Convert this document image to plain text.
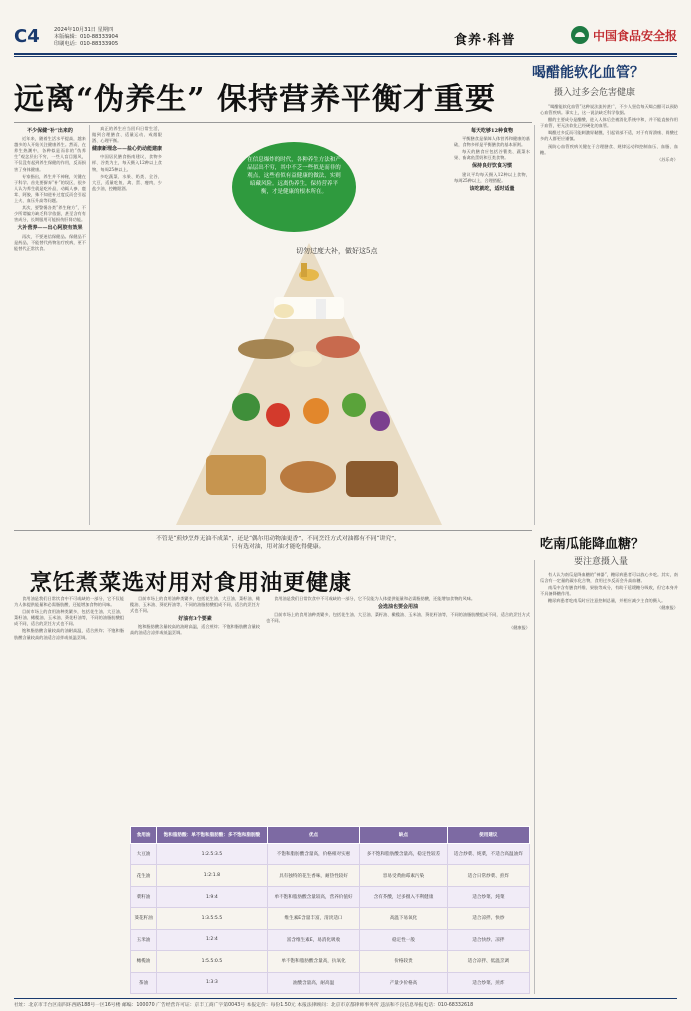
C4	2024年10月31日 星期四
本版编辑：010-88333904
印刷电话：010-88333905	食养·科普	中国食品安全报
远离“伪养生” 保持营养平衡才重要
喝醋能软化血管？
摄入过多会危害健康
不少保健“补”出来的

近年来，随着生活水平提高，越来越多的人开始关注健康养生。然而，在养生热潮中，各种似是而非的“伪养生”观念层出不穷，一些人盲目跟风，不仅没有起到养生保健的作用，反而损害了身体健康。

专家指出，养生并不神秘，关键在于科学。首先要摒弃“补”的误区，很多人认为养生就是吃补品，动辄人参、鹿茸、阿胶，殊不知进补过度反而会引起上火、血压升高等问题。

其次，要警惕各类“养生秘方”，不少所谓偏方缺乏科学依据，甚至含有有害成分，长期服用可能损伤肝肾功能。

大补营养——出心阿胶有效果

再次，不要迷信保健品。保健品不是药品，不能替代药物治疗疾病，更不能替代正常饮食。

真正的养生应当回归日常生活，做到合理膳食、适量运动、戒烟限酒、心理平衡。

健康新理念——盐心奶动能建康

中国居民膳食指南建议，食物多样、谷类为主，每天摄入12种以上食物，每周25种以上。

多吃蔬菜、水果、奶类、全谷、大豆，适量吃鱼、禽、蛋、瘦肉，少盐少油，控糖限酒。

在信息爆炸的时代，各种养生方法和产品层出不穷，其中不乏一些似是而非的观点，这些看似有益健康的做法，实则暗藏风险。远离伪养生，保持营养平衡，才是健康的根本所在。
切勿过度大补，做好这5点
每天吃够12种食物

平衡膳食是保障人体营养和健康的基础，食物多样是平衡膳食的基本原则。

每天的膳食应包括谷薯类、蔬菜水果、畜禽鱼蛋奶和豆类食物。

保持良好饮食习惯

建议平均每天摄入12种以上食物，每周25种以上，合理搭配。

该吃就吃，适时适量

“喝醋能软化血管”这种说法流传甚广，不少人坚信每天喝点醋可以预防心血管疾病。事实上，这一说法缺乏科学依据。

醋的主要成分是醋酸，进入人体后会被消化系统中和，并不能直接作用于血管，更无法软化已经硬化的血管。

喝醋过多反而可能刺激胃黏膜，引起胃部不适，对于有胃溃疡、胃酸过多的人群更应谨慎。

预防心血管疾病关键在于合理膳食、规律运动和控制血压、血脂、血糖。

（苏乐奇）

不管是“煎炒烹炸无油不成菜”，还是“偶尔用动物油更香”，不同烹饪方式对油都有不同“讲究”，
只有选对油，用对油才能吃得健康。
烹饪煮菜选对用对食用油更健康
吃南瓜能降血糖？
要注意摄入量

食用油是我们日常饮食中不可或缺的一部分，它不仅能为人体提供能量和必需脂肪酸，还能增加食物的风味。

目前市场上的食用油种类繁多，包括花生油、大豆油、菜籽油、橄榄油、玉米油、葵花籽油等，不同的油脂肪酸组成不同，适合的烹饪方式也不同。

饱和脂肪酸含量较高的油耐高温，适合煎炸；不饱和脂肪酸含量较高的油适合凉拌或低温烹调。

目前市场上的食用油种类繁多，包括花生油、大豆油、菜籽油、橄榄油、玉米油、葵花籽油等，不同的油脂肪酸组成不同，适合的烹饪方式也不同。

好油有3个要素

饱和脂肪酸含量较高的油耐高温，适合煎炸；不饱和脂肪酸含量较高的油适合凉拌或低温烹调。

食用油是我们日常饮食中不可或缺的一部分，它不仅能为人体提供能量和必需脂肪酸，还能增加食物的风味。

会选油也要会用油

目前市场上的食用油种类繁多，包括花生油、大豆油、菜籽油、橄榄油、玉米油、葵花籽油等，不同的油脂肪酸组成不同，适合的烹饪方式也不同。

（健康报）

食用油	饱和脂肪酸：单不饱和脂肪酸：多不饱和脂肪酸	优点	缺点	使用建议
大豆油	1:2.5:3.5	不饱和脂肪酸含量高，价格相对实惠	多不饱和脂肪酸含量高，稳定性较差	适合炒菜、炖菜，不适合高温油炸
花生油	1:2:1.8	具有独特的花生香味，耐热性较好	容易受黄曲霉素污染	适合日常炒菜、煎炸
菜籽油	1:9:4	单不饱和脂肪酸含量较高，营养价值好	含有芥酸，过多摄入不利健康	适合炒菜、炖菜
葵花籽油	1:3.5:5.5	维生素E含量丰富，清淡适口	高温下易氧化	适合凉拌、快炒
玉米油	1:2:4	富含维生素E，易消化吸收	稳定性一般	适合快炒、凉拌
橄榄油	1:5.5:0.5	单不饱和脂肪酸含量高，抗氧化	价格较贵	适合凉拌、低温烹调
茶油	1:3:3	油酸含量高，耐高温	产量少价格高	适合炒菜、煎炸

有人认为南瓜是降血糖的“神器”，糖尿病患者可以放心多吃。其实，南瓜含有一定量的碳水化合物，食用过多反而会升高血糖。

南瓜中含有膳食纤维、果胶等成分，有助于延缓糖分吸收，但它本身并不具备降糖作用。

糖尿病患者吃南瓜时应注意控制总量，并相应减少主食的摄入。

（健康报）

社址：北京市丰台区南四环西路188号一区16号楼 邮编：100070 广告经营许可证：京丰工商广字第0043号 本报定价：每份1.50元 本报法律顾问：北京市京都律师事务所 违法和不良信息举报电话：010-68332618
